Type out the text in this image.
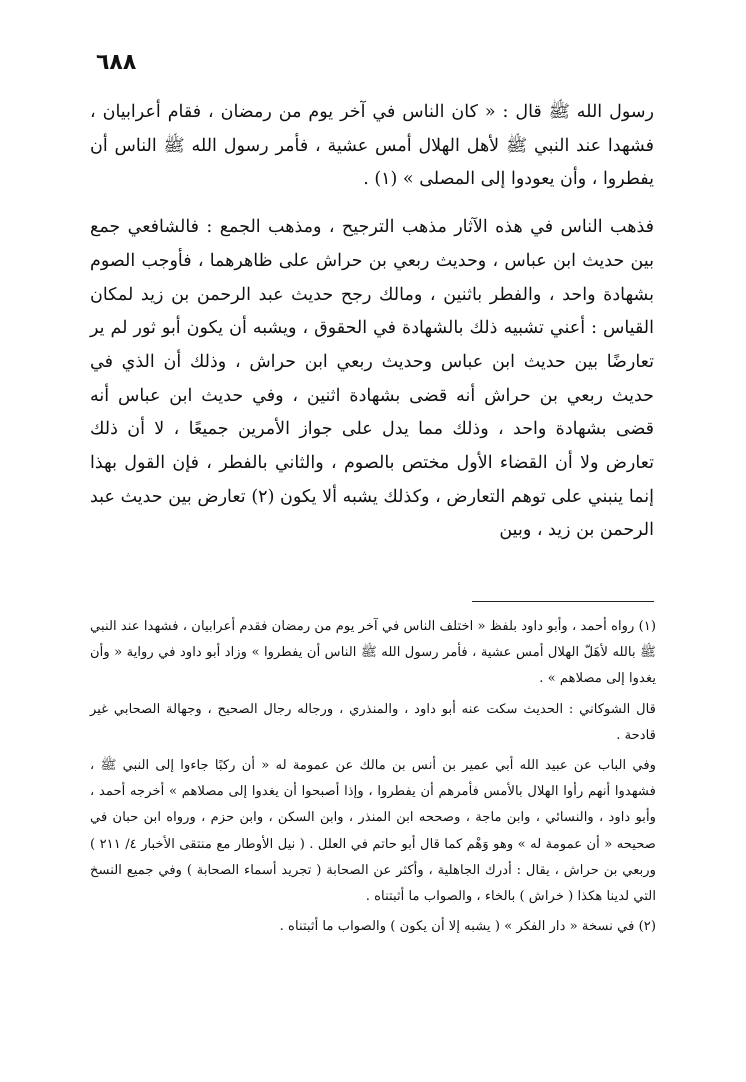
٦٨٨

رسول الله ﷺ قال : « كان الناس في آخر يوم من رمضان ، فقام أعرابيان ، فشهدا عند النبي ﷺ لأهل الهلال أمس عشية ، فأمر رسول الله ﷺ الناس أن يفطروا ، وأن يعودوا إلى المصلى » (١) .

فذهب الناس في هذه الآثار مذهب الترجيح ، ومذهب الجمع : فالشافعي جمع بين حديث ابن عباس ، وحديث ربعي بن حراش على ظاهرهما ، فأوجب الصوم بشهادة واحد ، والفطر باثنين ، ومالك رجح حديث عبد الرحمن بن زيد لمكان القياس : أعني تشبيه ذلك بالشهادة في الحقوق ، ويشبه أن يكون أبو ثور لم ير تعارضًا بين حديث ابن عباس وحديث ربعي ابن حراش ، وذلك أن الذي في حديث ربعي بن حراش أنه قضى بشهادة اثنين ، وفي حديث ابن عباس أنه قضى بشهادة واحد ، وذلك مما يدل على جواز الأمرين جميعًا ، لا أن ذلك تعارض ولا أن القضاء الأول مختص بالصوم ، والثاني بالفطر ، فإن القول بهذا إنما ينبني على توهم التعارض ، وكذلك يشبه ألا يكون (٢) تعارض بين حديث عبد الرحمن بن زيد ، وبين

(١) رواه أحمد ، وأبو داود بلفظ « اختلف الناس في آخر يوم من رمضان فقدم أعرابيان ، فشهدا عند النبي ﷺ بالله لأهَلّ الهلال أمس عشية ، فأمر رسول الله ﷺ الناس أن يفطروا » وزاد أبو داود في رواية « وأن يغدوا إلى مصلاهم » .

قال الشوكاني : الحديث سكت عنه أبو داود ، والمنذري ، ورجاله رجال الصحيح ، وجهالة الصحابي غير قادحة .

وفي الباب عن عبيد الله أبي عمير بن أنس بن مالك عن عمومة له « أن ركبًا جاءوا إلى النبي ﷺ ، فشهدوا أنهم رأوا الهلال بالأمس فأمرهم أن يفطروا ، وإذا أصبحوا أن يغدوا إلى مصلاهم » أخرجه أحمد ، وأبو داود ، والنسائي ، وابن ماجة ، وصححه ابن المنذر ، وابن السكن ، وابن حزم ، ورواه ابن حبان في صحيحه « أن عمومة له » وهو وَهْم كما قال أبو حاتم في العلل . ( نيل الأوطار مع منتقى الأخبار ٤/ ٢١١ ) وربعي بن حراش ، يقال : أدرك الجاهلية ، وأكثر عن الصحابة ( تجريد أسماء الصحابة ) وفي جميع النسخ التي لدينا هكذا ( خراش ) بالخاء ، والصواب ما أثبتناه .

(٢) في نسخة « دار الفكر » ( يشبه إلا أن يكون ) والصواب ما أثبتناه .
